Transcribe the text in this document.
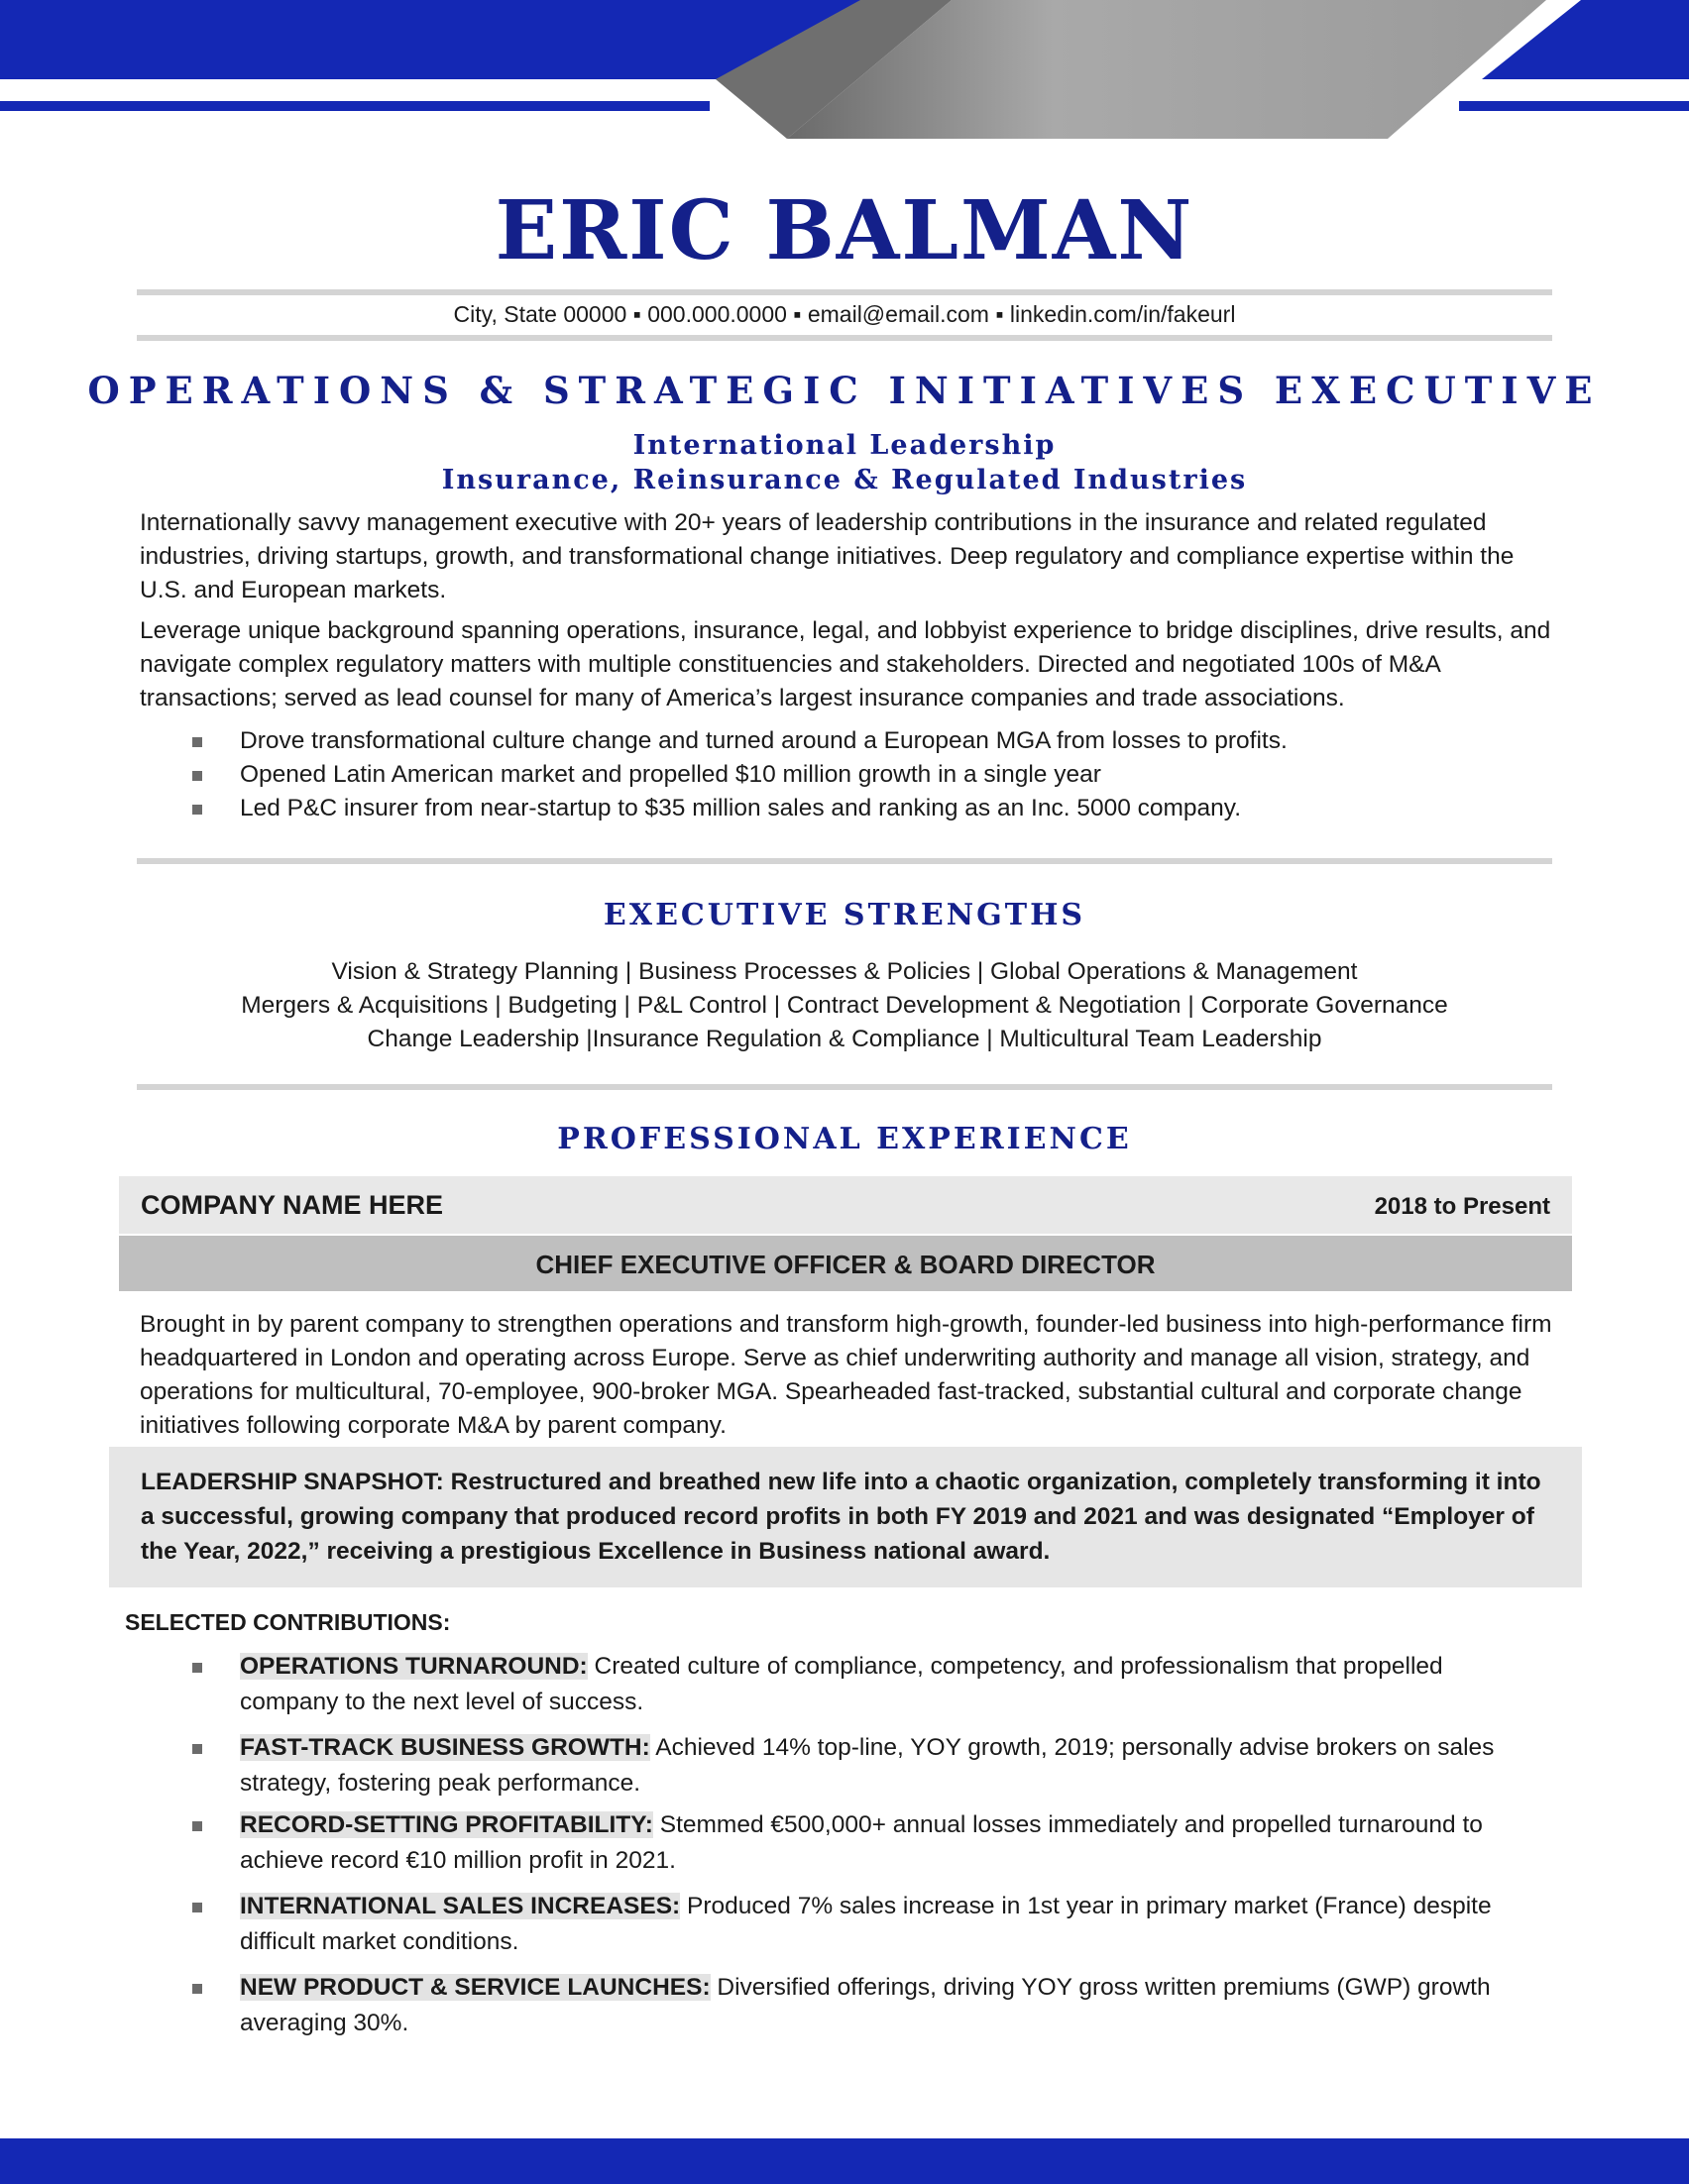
ERIC BALMAN
City, State 00000 ▪ 000.000.0000 ▪ email@email.com ▪ linkedin.com/in/fakeurl
OPERATIONS & STRATEGIC INITIATIVES EXECUTIVE
International Leadership
Insurance, Reinsurance & Regulated Industries

Internationally savvy management executive with 20+ years of leadership contributions in the insurance and related regulated industries, driving startups, growth, and transformational change initiatives. Deep regulatory and compliance expertise within the U.S. and European markets.

Leverage unique background spanning operations, insurance, legal, and lobbyist experience to bridge disciplines, drive results, and navigate complex regulatory matters with multiple constituencies and stakeholders. Directed and negotiated 100s of M&A transactions; served as lead counsel for many of America’s largest insurance companies and trade associations.

Drove transformational culture change and turned around a European MGA from losses to profits.
Opened Latin American market and propelled $10 million growth in a single year
Led P&C insurer from near-startup to $35 million sales and ranking as an Inc. 5000 company.
EXECUTIVE STRENGTHS
Vision & Strategy Planning | Business Processes & Policies | Global Operations & Management
Mergers & Acquisitions | Budgeting | P&L Control | Contract Development & Negotiation | Corporate Governance
Change Leadership |Insurance Regulation & Compliance | Multicultural Team Leadership
PROFESSIONAL EXPERIENCE
COMPANY NAME HERE	2018 to Present
CHIEF EXECUTIVE OFFICER & BOARD DIRECTOR

Brought in by parent company to strengthen operations and transform high-growth, founder-led business into high-performance firm headquartered in London and operating across Europe. Serve as chief underwriting authority and manage all vision, strategy, and operations for multicultural, 70-employee, 900-broker MGA. Spearheaded fast-tracked, substantial cultural and corporate change initiatives following corporate M&A by parent company.

LEADERSHIP SNAPSHOT: Restructured and breathed new life into a chaotic organization, completely transforming it into a successful, growing company that produced record profits in both FY 2019 and 2021 and was designated “Employer of the Year, 2022,” receiving a prestigious Excellence in Business national award.

SELECTED CONTRIBUTIONS:
OPERATIONS TURNAROUND: Created culture of compliance, competency, and professionalism that propelled company to the next level of success.
FAST-TRACK BUSINESS GROWTH: Achieved 14% top-line, YOY growth, 2019; personally advise brokers on sales strategy, fostering peak performance.
RECORD-SETTING PROFITABILITY: Stemmed €500,000+ annual losses immediately and propelled turnaround to achieve record €10 million profit in 2021.
INTERNATIONAL SALES INCREASES: Produced 7% sales increase in 1st year in primary market (France) despite difficult market conditions.
NEW PRODUCT & SERVICE LAUNCHES: Diversified offerings, driving YOY gross written premiums (GWP) growth averaging 30%.
